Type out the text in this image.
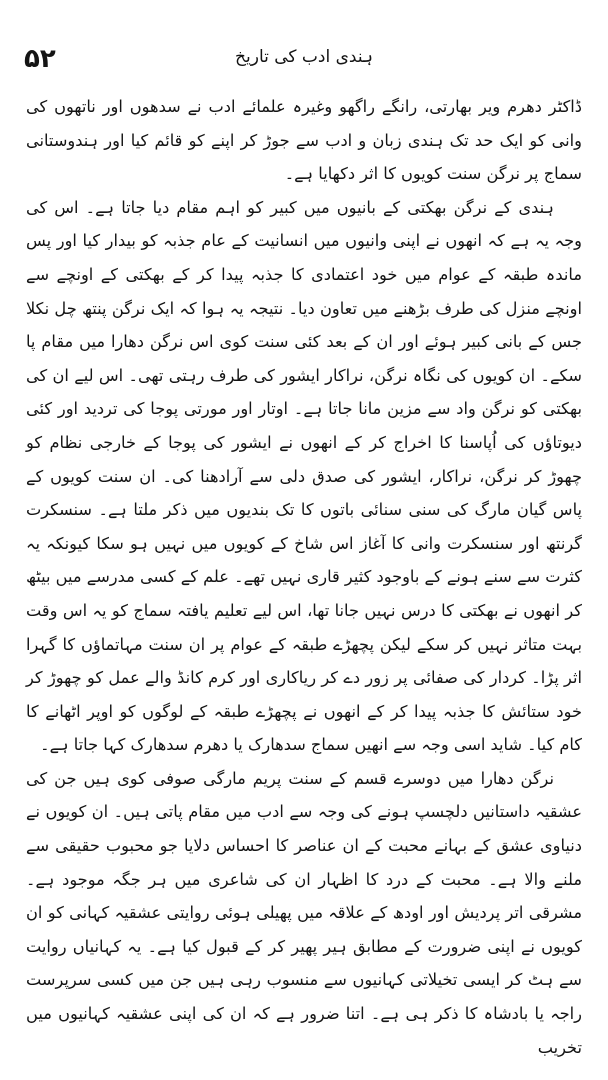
۵۲	ہندی ادب کی تاریخ

ڈاکٹر دھرم ویر بھارتی، رانگے راگھو وغیرہ علمائے ادب نے سدھوں اور ناتھوں کی وانی کو ایک حد تک ہندی زبان و ادب سے جوڑ کر اپنے کو قائم کیا اور ہندوستانی سماج پر نرگن سنت کویوں کا اثر دکھایا ہے۔

ہندی کے نرگن بھکتی کے بانیوں میں کبیر کو اہم مقام دیا جاتا ہے۔ اس کی وجہ یہ ہے کہ انھوں نے اپنی وانیوں میں انسانیت کے عام جذبہ کو بیدار کیا اور پس ماندہ طبقہ کے عوام میں خود اعتمادی کا جذبہ پیدا کر کے بھکتی کے اونچے سے اونچے منزل کی طرف بڑھنے میں تعاون دیا۔ نتیجہ یہ ہوا کہ ایک نرگن پنتھ چل نکلا جس کے بانی کبیر ہوئے اور ان کے بعد کئی سنت کوی اس نرگن دھارا میں مقام پا سکے۔ ان کویوں کی نگاہ نرگن، نراکار ایشور کی طرف رہتی تھی۔ اس لیے ان کی بھکتی کو نرگن واد سے مزین مانا جاتا ہے۔ اوتار اور مورتی پوجا کی تردید اور کئی دیوتاؤں کی اُپاسنا کا اخراج کر کے انھوں نے ایشور کی پوجا کے خارجی نظام کو چھوڑ کر نرگن، نراکار، ایشور کی صدق دلی سے آرادھنا کی۔ ان سنت کویوں کے پاس گیان مارگ کی سنی سنائی باتوں کا تک بندیوں میں ذکر ملتا ہے۔ سنسکرت گرنتھ اور سنسکرت وانی کا آغاز اس شاخ کے کویوں میں نہیں ہو سکا کیونکہ یہ کثرت سے سنے ہونے کے باوجود کثیر قاری نہیں تھے۔ علم کے کسی مدرسے میں بیٹھ کر انھوں نے بھکتی کا درس نہیں جانا تھا، اس لیے تعلیم یافتہ سماج کو یہ اس وقت بہت متاثر نہیں کر سکے لیکن پچھڑے طبقہ کے عوام پر ان سنت مہاتماؤں کا گہرا اثر پڑا۔ کردار کی صفائی پر زور دے کر ریاکاری اور کرم کانڈ والے عمل کو چھوڑ کر خود ستائش کا جذبہ پیدا کر کے انھوں نے پچھڑے طبقہ کے لوگوں کو اوپر اٹھانے کا کام کیا۔ شاید اسی وجہ سے انھیں سماج سدھارک یا دھرم سدھارک کہا جاتا ہے۔

نرگن دھارا میں دوسرے قسم کے سنت پریم مارگی صوفی کوی ہیں جن کی عشقیہ داستانیں دلچسپ ہونے کی وجہ سے ادب میں مقام پاتی ہیں۔ ان کویوں نے دنیاوی عشق کے بہانے محبت کے ان عناصر کا احساس دلایا جو محبوب حقیقی سے ملنے والا ہے۔ محبت کے درد کا اظہار ان کی شاعری میں ہر جگہ موجود ہے۔ مشرقی اتر پردیش اور اودھ کے علاقہ میں پھیلی ہوئی روایتی عشقیہ کہانی کو ان کویوں نے اپنی ضرورت کے مطابق ہیر پھیر کر کے قبول کیا ہے۔ یہ کہانیاں روایت سے ہٹ کر ایسی تخیلاتی کہانیوں سے منسوب رہی ہیں جن میں کسی سرپرست راجہ یا بادشاہ کا ذکر ہی ہے۔ اتنا ضرور ہے کہ ان کی اپنی عشقیہ کہانیوں میں تخریب
